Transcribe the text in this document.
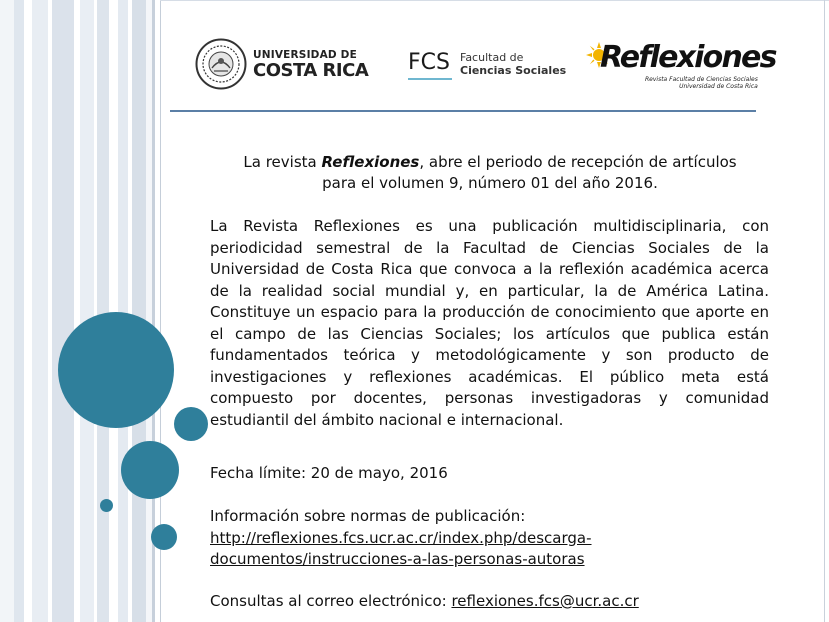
UNIVERSIDAD DE
COSTA RICA FCS Facultad de
Ciencias Sociales Reflexiones
Revista Facultad de Ciencias Sociales
Universidad de Costa Rica
La revista Reflexiones, abre el periodo de recepción de artículos
para el volumen 9, número 01 del año 2016.
La Revista Reflexiones es una publicación multidisciplinaria, con periodicidad semestral de la Facultad de Ciencias Sociales de la Universidad de Costa Rica que convoca a la reflexión académica acerca de la realidad social mundial y, en particular, la de América Latina. Constituye un espacio para la producción de conocimiento que aporte en el campo de las Ciencias Sociales; los artículos que publica están fundamentados teórica y metodológicamente y son producto de investigaciones y reflexiones académicas. El público meta está compuesto por docentes, personas investigadoras y comunidad estudiantil del ámbito nacional e internacional.
Fecha límite: 20 de mayo, 2016
Información sobre normas de publicación:
http://reflexiones.fcs.ucr.ac.cr/index.php/descarga-
documentos/instrucciones-a-las-personas-autoras
Consultas al correo electrónico: reflexiones.fcs@ucr.ac.cr
